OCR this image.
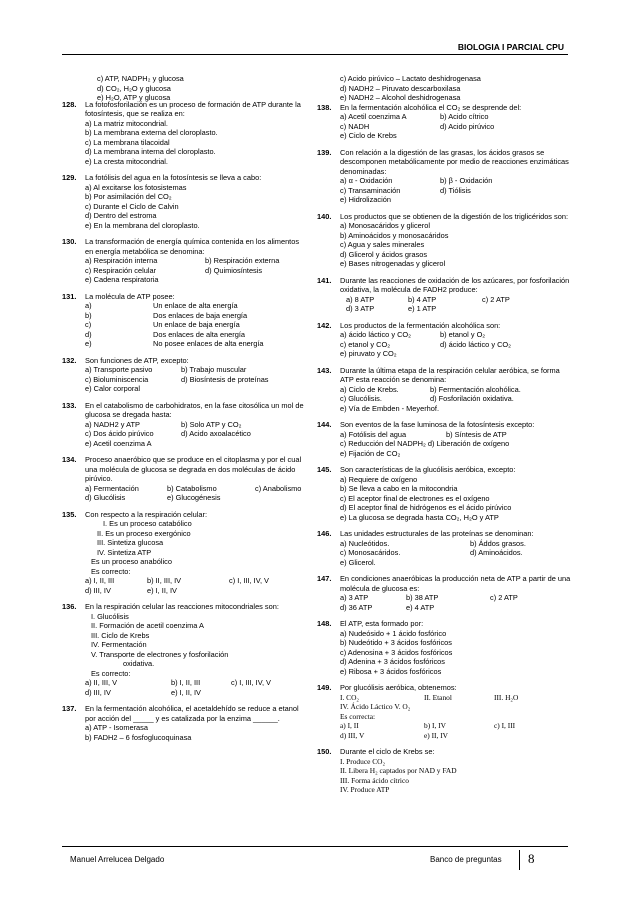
BIOLOGIA I PARCIAL CPU
c) ATP, NADPH₂ y glucosa
d) CO₂, H₂O y glucosa
e) H₂O, ATP y glucosa
128. La fotofosforilación es un proceso de formación de ATP durante la fotosíntesis, que se realiza en:
a) La matriz mitocondrial.
b) La membrana externa del cloroplasto.
c) La membrana tilacoidal
d) La membrana interna del cloroplasto.
e) La cresta mitocondrial.
129. La fotólisis del agua en la fotosíntesis se lleva a cabo:
a) Al excitarse los fotosistemas
b) Por asimilación del CO₂
c) Durante el Ciclo de Calvin
d) Dentro del estroma
e) En la membrana del cloroplasto.
130. La transformación de energía química contenida en los alimentos en energía metabólica se denomina:
a) Respiración interna	b) Respiración externa
c) Respiración celular	d) Quimiosíntesis
e) Cadena respiratoria
131. La molécula de ATP posee:
a)	Un enlace de alta energía
b)	Dos enlaces de baja energía
c)	Un enlace de baja energía
d)	Dos enlaces de alta energía
e)	No posee enlaces de alta energía
132. Son funciones de ATP, excepto:
a) Transporte pasivo	b) Trabajo muscular
c) Bioluminiscencia	d) Biosíntesis de proteínas
e) Calor corporal
133. En el catabolismo de carbohidratos, en la fase citosólica un mol de glucosa se dregada hasta:
a) NADH2 y ATP	b) Solo ATP y CO₂
c) Dos ácido pirúvico	d) Acido axoalacético
e) Acetil coenzima A
134. Proceso anaeróbico que se produce en el citoplasma y por el cual una molécula de glucosa se degrada en dos moléculas de ácido pirúvico.
a) Fermentación	b) Catabolismo	c) Anabolismo
d) Glucólisis	e) Glucogénesis
135. Con respecto a la respiración celular:
I. Es un proceso catabólico
II. Es un proceso exergónico
III. Sintetiza glucosa
IV. Sintetiza ATP
Es un proceso anabólico
Es correcto:
a) I, II, III	b) II, III, IV	c) I, III, IV, V
d) III, IV	e) I, II, IV
136. En la respiración celular las reacciones mitocondriales son:
I. Glucólisis
II. Formación de acetil coenzima A
III. Ciclo de Krebs
IV. Fermentación
V. Transporte de electrones y fosforilación
oxidativa.
Es correcto:
a) II, III, V	b) I, II, III	c) I, III, IV, V
d) III, IV	e) I, II, IV
137. En la fermentación alcohólica, el acetaldehído se reduce a etanol por acción del _____ y es catalizada por la enzima ______.
a) ATP - Isomerasa
b) FADH2 – 6 fosfoglucoquinasa
c) Acido pirúvico – Lactato deshidrogenasa
d) NADH2 – Piruvato descarboxilasa
e) NADH2 – Alcohol deshidrogenasa
138. En la fermentación alcohólica el CO₂ se desprende del:
a) Acetil coenzima A	b) Acido cítrico
c) NADH	d) Acido pirúvico
e) Ciclo de Krebs
139. Con relación a la digestión de las grasas, los ácidos grasos se descomponen metabólicamente por medio de reacciones enzimáticas denominadas:
a) α - Oxidación	b) β - Oxidación
c) Transaminación	d) Tiólisis
e) Hidrolización
140. Los productos que se obtienen de la digestión de los triglicéridos son:
a) Monosacáridos y glicerol
b) Aminoácidos y monosacáridos
c) Agua y sales minerales
d) Glicerol y ácidos grasos
e) Bases nitrogenadas y glicerol
141. Durante las reacciones de oxidación de los azúcares, por fosforilación oxidativa, la molécula de FADH2 produce:
a) 8 ATP	b) 4 ATP	c) 2 ATP
d) 3 ATP	e) 1 ATP
142. Los productos de la fermentación alcohólica son:
a) ácido láctico y CO₂	b) etanol y O₂
c) etanol y CO₂	d) ácido láctico y CO₂
e) piruvato y CO₂
143. Durante la última etapa de la respiración celular aeróbica, se forma ATP esta reacción se denomina:
a) Ciclo de Krebs.	b) Fermentación alcohólica.
c) Glucólisis.	d) Fosforilación oxidativa.
e) Vía de Embden - Meyerhof.
144. Son eventos de la fase luminosa de la fotosíntesis excepto:
a) Fotólisis del agua	b) Síntesis de ATP
c) Reducción del NADPH₂ d) Liberación de oxígeno
e) Fijación de CO₂
145. Son características de la glucólisis aeróbica, excepto:
a) Requiere de oxígeno
b) Se lleva a cabo en la mitocondria
c) El aceptor final de electrones es el oxígeno
d) El aceptor final de hidrógenos es el ácido pirúvico
e) La glucosa se degrada hasta CO₂, H₂O y ATP
146. Las unidades estructurales de las proteínas se denominan:
a) Nucleótidos.	b) Áddos grasos.
c) Monosacáridos.	d) Aminoácidos.
e) Glicerol.
147. En condiciones anaeróbicas la producción neta de ATP a partir de una molécula de glucosa es:
a) 3 ATP	b) 38 ATP	c) 2 ATP
d) 36 ATP	e) 4 ATP
148. El ATP, esta formado por:
a) Nudeósido + 1 ácido fosfórico
b) Nudeótido + 3 ácidos fosfóricos
c) Adenosina + 3 ácidos fosfóricos
d) Adenina + 3 ácidos fosfóricos
e) Ribosa + 3 ácidos fosfóricos
149. Por glucólisis aeróbica, obtenemos:
I. CO₂	II. Etanol	III. H₂O
IV. Ácido Láctico V. O₂
Es correcta:
a) I, II	b) I, IV	c) I, III
d) III, V	e) II, IV
150. Durante el ciclo de Krebs se:
I. Produce CO₂
II. Libera H₂ captados por NAD y FAD
III. Forma ácido cítrico
IV. Produce ATP
Manuel Arrelucea Delgado	Banco de preguntas 8
